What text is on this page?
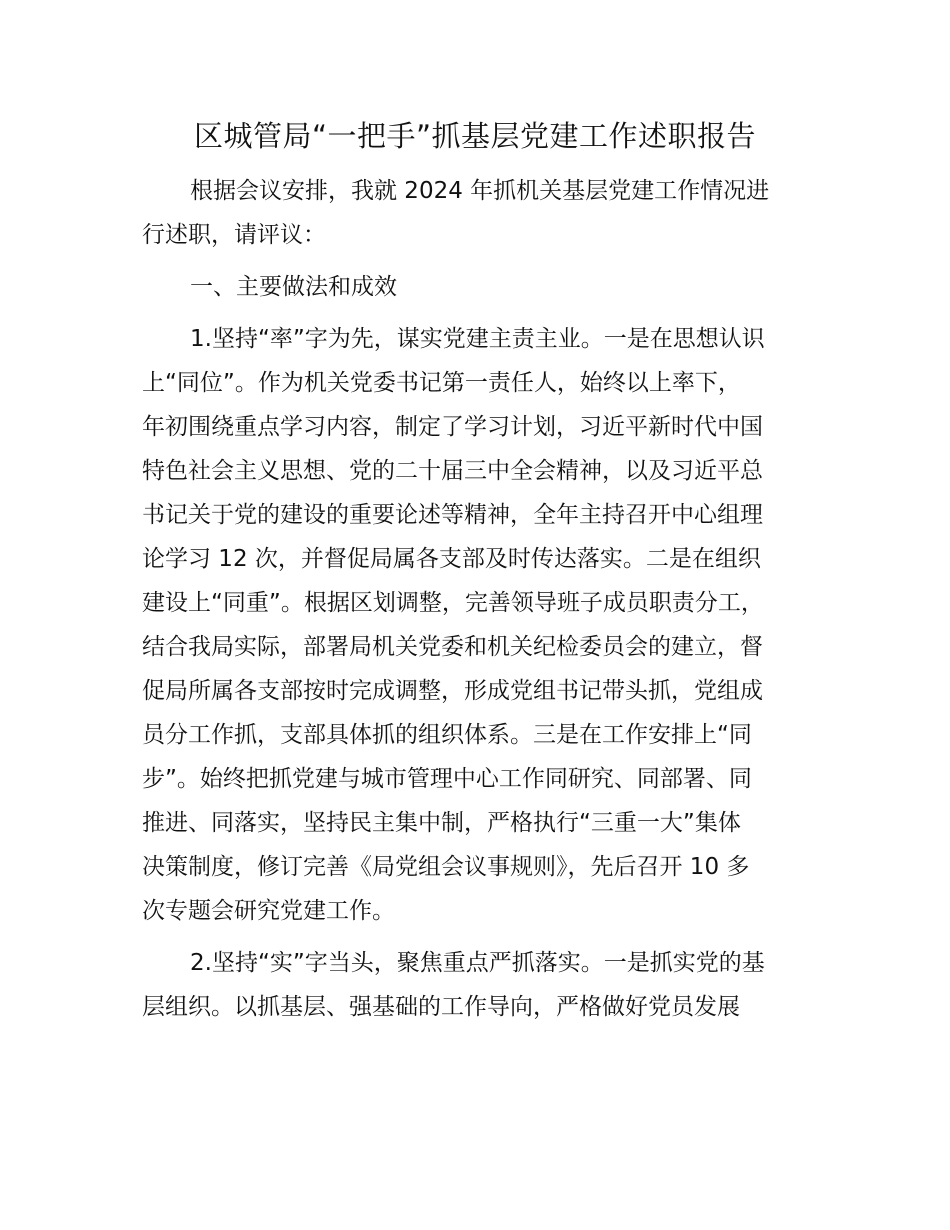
区城管局“一把手”抓基层党建工作述职报告

根据会议安排，我就 2024 年抓机关基层党建工作情况进

行述职，请评议：

一、主要做法和成效

1.坚持“率”字为先，谋实党建主责主业。一是在思想认识

上“同位”。作为机关党委书记第一责任人，始终以上率下，

年初围绕重点学习内容，制定了学习计划，习近平新时代中国

特色社会主义思想、党的二十届三中全会精神，以及习近平总

书记关于党的建设的重要论述等精神，全年主持召开中心组理

论学习 12 次，并督促局属各支部及时传达落实。二是在组织

建设上“同重”。根据区划调整，完善领导班子成员职责分工，

结合我局实际，部署局机关党委和机关纪检委员会的建立，督

促局所属各支部按时完成调整，形成党组书记带头抓，党组成

员分工作抓，支部具体抓的组织体系。三是在工作安排上“同

步”。始终把抓党建与城市管理中心工作同研究、同部署、同

推进、同落实，坚持民主集中制，严格执行“三重一大”集体

决策制度，修订完善《局党组会议事规则》，先后召开 10 多

次专题会研究党建工作。

2.坚持“实”字当头，聚焦重点严抓落实。一是抓实党的基

层组织。以抓基层、强基础的工作导向，严格做好党员发展
